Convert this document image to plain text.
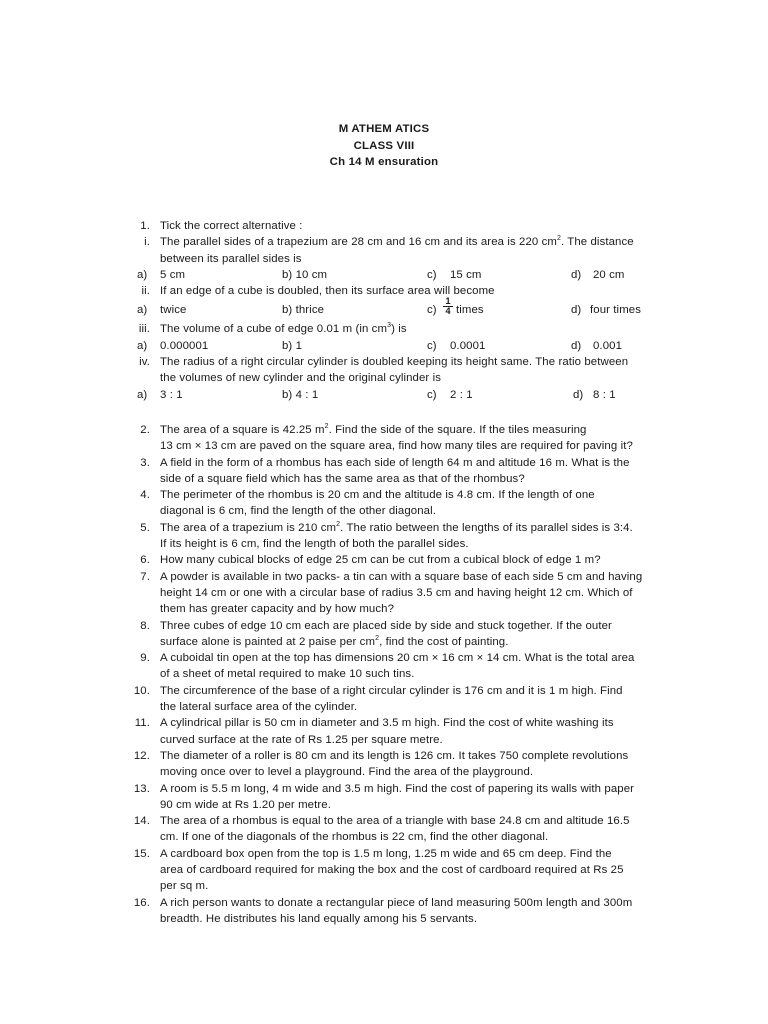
M ATHEM ATICS
CLASS VIII
Ch 14 M ensuration
1. Tick the correct alternative :
i. The parallel sides of a trapezium are 28 cm and 16 cm and its area is 220 $cm^2$. The distance
between its parallel sides is
a) 5 cm	b) 10 cm	c) 15 cm	d) 20 cm
ii. If an edge of a cube is doubled, then its surface area will become
a) twice	b) thrice	$c) \frac{1}{4}$ times	d) four times
iii. The volume of a cube of edge 0.01 m (in $cm^3$) is
a) 0.000001	b) 1	c) 0.0001	d) 0.001
iv. The radius of a right circular cylinder is doubled keeping its height same. The ratio between
the volumes of new cylinder and the original cylinder is
a) 3 : 1	b) 4 : 1	c) 2 : 1	d) 8 : 1
2. The area of a square is 42.25 $m^2$. Find the side of the square. If the tiles measuring
13 cm × 13 cm are paved on the square area, find how many tiles are required for paving it?
3. A field in the form of a rhombus has each side of length 64 m and altitude 16 m. What is the
side of a square field which has the same area as that of the rhombus?
4. The perimeter of the rhombus is 20 cm and the altitude is 4.8 cm. If the length of one
diagonal is 6 cm, find the length of the other diagonal.
5. The area of a trapezium is 210 $cm^2$. The ratio between the lengths of its parallel sides is 3:4.
If its height is 6 cm, find the length of both the parallel sides.
6. How many cubical blocks of edge 25 cm can be cut from a cubical block of edge 1 m?
7. A powder is available in two packs- a tin can with a square base of each side 5 cm and having
height 14 cm or one with a circular base of radius 3.5 cm and having height 12 cm. Which of
them has greater capacity and by how much?
8. Three cubes of edge 10 cm each are placed side by side and stuck together. If the outer
surface alone is painted at 2 paise per $cm^2$, find the cost of painting.
9. A cuboidal tin open at the top has dimensions 20 cm × 16 cm × 14 cm. What is the total area
of a sheet of metal required to make 10 such tins.
10. The circumference of the base of a right circular cylinder is 176 cm and it is 1 m high. Find
the lateral surface area of the cylinder.
11. A cylindrical pillar is 50 cm in diameter and 3.5 m high. Find the cost of white washing its
curved surface at the rate of Rs 1.25 per square metre.
12. The diameter of a roller is 80 cm and its length is 126 cm. It takes 750 complete revolutions
moving once over to level a playground. Find the area of the playground.
13. A room is 5.5 m long, 4 m wide and 3.5 m high. Find the cost of papering its walls with paper
90 cm wide at Rs 1.20 per metre.
14. The area of a rhombus is equal to the area of a triangle with base 24.8 cm and altitude 16.5
cm. If one of the diagonals of the rhombus is 22 cm, find the other diagonal.
15. A cardboard box open from the top is 1.5 m long, 1.25 m wide and 65 cm deep. Find the
area of cardboard required for making the box and the cost of cardboard required at Rs 25
per sq m.
16. A rich person wants to donate a rectangular piece of land measuring 500m length and 300m
breadth. He distributes his land equally among his 5 servants.
